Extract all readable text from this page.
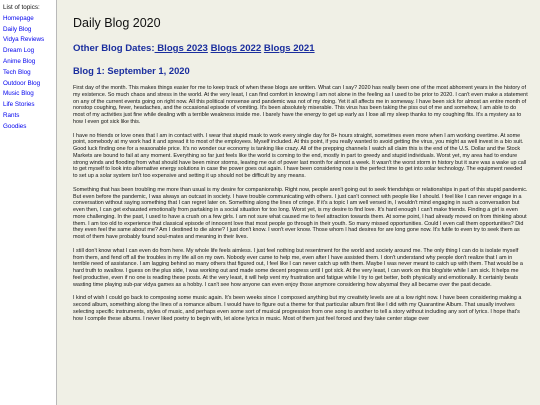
List of topics:
Homepage
Daily Blog
Vidya Reviews
Dream Log
Anime Blog
Tech Blog
Outdoor Blog
Music Blog
Life Stories
Rants
Goodies
Daily Blog 2020
Other Blog Dates: Blogs 2023 Blogs 2022 Blogs 2021
Blog 1: September 1, 2020

First day of the month. This makes things easier for me to keep track of when these blogs are written. What can I say? 2020 has really been one of the most abhorrent years in the history of my existence. So much chaos and stress in the world. At the very least, I can find comfort in knowing I am not alone in the feeling as I used to be prior to 2020. I can't even make a statement on any of the current events going on right now. All this political nonsense and pandemic was not of my doing. Yet it all affects me in someway. I have been sick for almost an entire month of nonstop coughing, fever, headaches, and the occasional episode of vomiting. It's been absolutely miserable. This virus has been taking the piss out of me and somehow, I am able to do most of my activities just fine while dealing with a terrible weakness inside me. I barely have the energy to get up early as I lose all my sleep thanks to my coughing fits. It's a mystery as to how I even got sick like this.

I have no friends or love ones that I am in contact with. I wear that stupid mask to work every single day for 8+ hours straight, sometimes even more when I am working overtime. At some point, somebody at my work had it and spread it to most of the employees. Myself included. At this point, if you really wanted to avoid getting the virus, you might as well invest in a bio suit. Good luck finding one for a reasonable price. It's no wonder our economy is tanking like crazy. All of the prepping channels I watch all claim this is the end of the U.S. Dollar and the Stock Markets are bound to fail at any moment. Everything so far just feels like the world is coming to the end, mostly in part to greedy and stupid individuals. Worst yet, my area had to endure strong winds and flooding from what should have been minor storms, leaving me out of power last month for almost a week. It wasn't the worst storm in history but it sure was a wake up call to get myself to look into alternative energy solutions in case the power goes out again. I have been considering now is the perfect time to get into solar technology. The equipment needed to set up a solar system isn't too expensive and setting it up should not be difficult by any means.

Something that has been troubling me more than usual is my desire for companionship. Right now, people aren't going out to seek friendships or relationships in part of this stupid pandemic. But even before the pandemic, I was always an outcast in society. I have trouble communicating with others. I just can't connect with people like I should. I feel like I can never engage in a conversation without saying something that I can regret later on. Something along the lines of cringe. If it's a topic I am well versed in, I wouldn't mind engaging in such a conversation but even then, I can get exhausted emotionally from partaking in a social situation for too long. Worst yet, is my desire to find love. It's hard enough I can't make friends. Finding a girl is even more challenging. In the past, I used to have a crush on a few girls. I am not sure what caused me to feel attraction towards them. At some point, I had already moved on from thinking about them. I am too old to experience that classical episode of innocent love that most people go through in their youth. So many missed opportunities. Could I even call them opportunities? Did they even feel the same about me? Am I destined to die alone? I just don't know. I won't ever know. Those whom I had desires for are long gone now. It's futile to even try to seek them as most of them have probably found soul-mates and meaning in their lives.

I still don't know what I can even do from here. My whole life feels aimless. I just feel nothing but resentment for the world and society around me. The only thing I can do is isolate myself from them, and fend off all the troubles in my life all on my own. Nobody ever came to help me, even after I have assisted them. I don't understand why people don't realize that I am in terrible need of assistance. I am lagging behind so many others that figured out, I feel like I can never catch up with them. Maybe I was never meant to catch up with them. That would be a hard truth to swallow. I guess on the plus side, I was working out and made some decent progress until I got sick. At the very least, I can work on this blog/site while I am sick. It helps me feel productive, even if no one is reading these posts. At the very least, it will help vent my frustration and fatigue while I try to get better, both physically and emotionally. It certainly beats wasting time playing sub-par vidya games as a hobby. I can't see how anyone can even enjoy those anymore considering how abysmal they all became over the past decade.

I kind of wish I could go back to composing some music again. It's been weeks since I composed anything but my creativity levels are at a low right now. I have been considering making a second album, something along the lines of a romance album. I would have to figure out a theme for that particular album first like I did with my Quarantine Album. That usually involves selecting specific instruments, styles of music, and perhaps even some sort of musical progression from one song to another to tell a story without including any sort of lyrics. I hope that's how I compile these albums. I never liked poetry to begin with, let alone lyrics in music. Most of them just feel forced and they take center stage over
